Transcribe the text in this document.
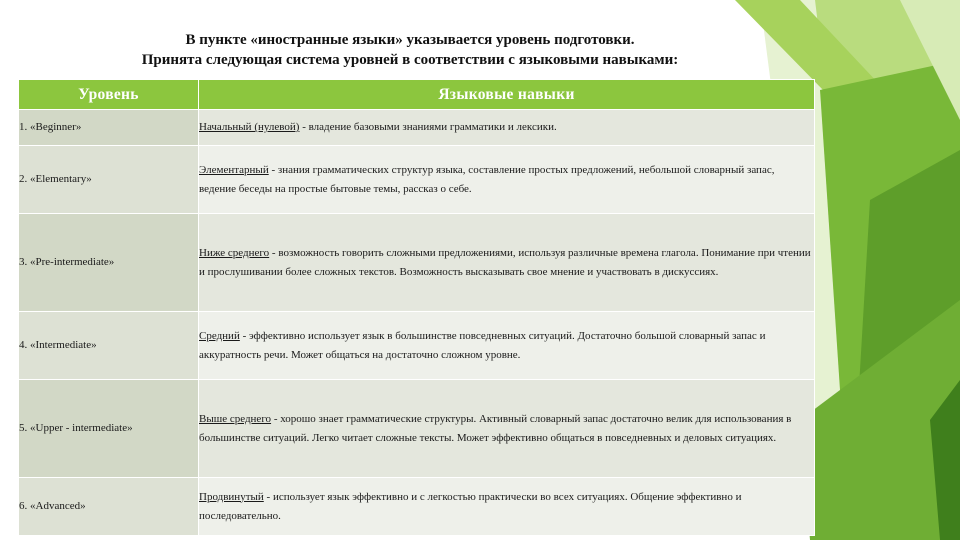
В пункте «иностранные языки» указывается уровень подготовки.
Принята следующая система уровней в соответствии с языковыми навыками:
Уровень	Языковые навыки
1. «Beginner»	Начальный (нулевой) - владение базовыми знаниями грамматики и лексики.
2. «Elementary»	Элементарный - знания грамматических структур языка, составление простых предложений, небольшой словарный запас, ведение беседы на простые бытовые темы, рассказ о себе.
3. «Pre-intermediate»	Ниже среднего - возможность говорить сложными предложениями, используя различные времена глагола. Понимание при чтении и прослушивании более сложных текстов. Возможность высказывать свое мнение и участвовать в дискуссиях.
4. «Intermediate»	Средний - эффективно использует язык в большинстве повседневных ситуаций. Достаточно большой словарный запас и аккуратность речи. Может общаться на достаточно сложном уровне.
5. «Upper - intermediate»	Выше среднего - хорошо знает грамматические структуры. Активный словарный запас достаточно велик для использования в большинстве ситуаций. Легко читает сложные тексты. Может эффективно общаться в повседневных и деловых ситуациях.
6. «Advanced»	Продвинутый - использует язык эффективно и с легкостью практически во всех ситуациях. Общение эффективно и последовательно.
